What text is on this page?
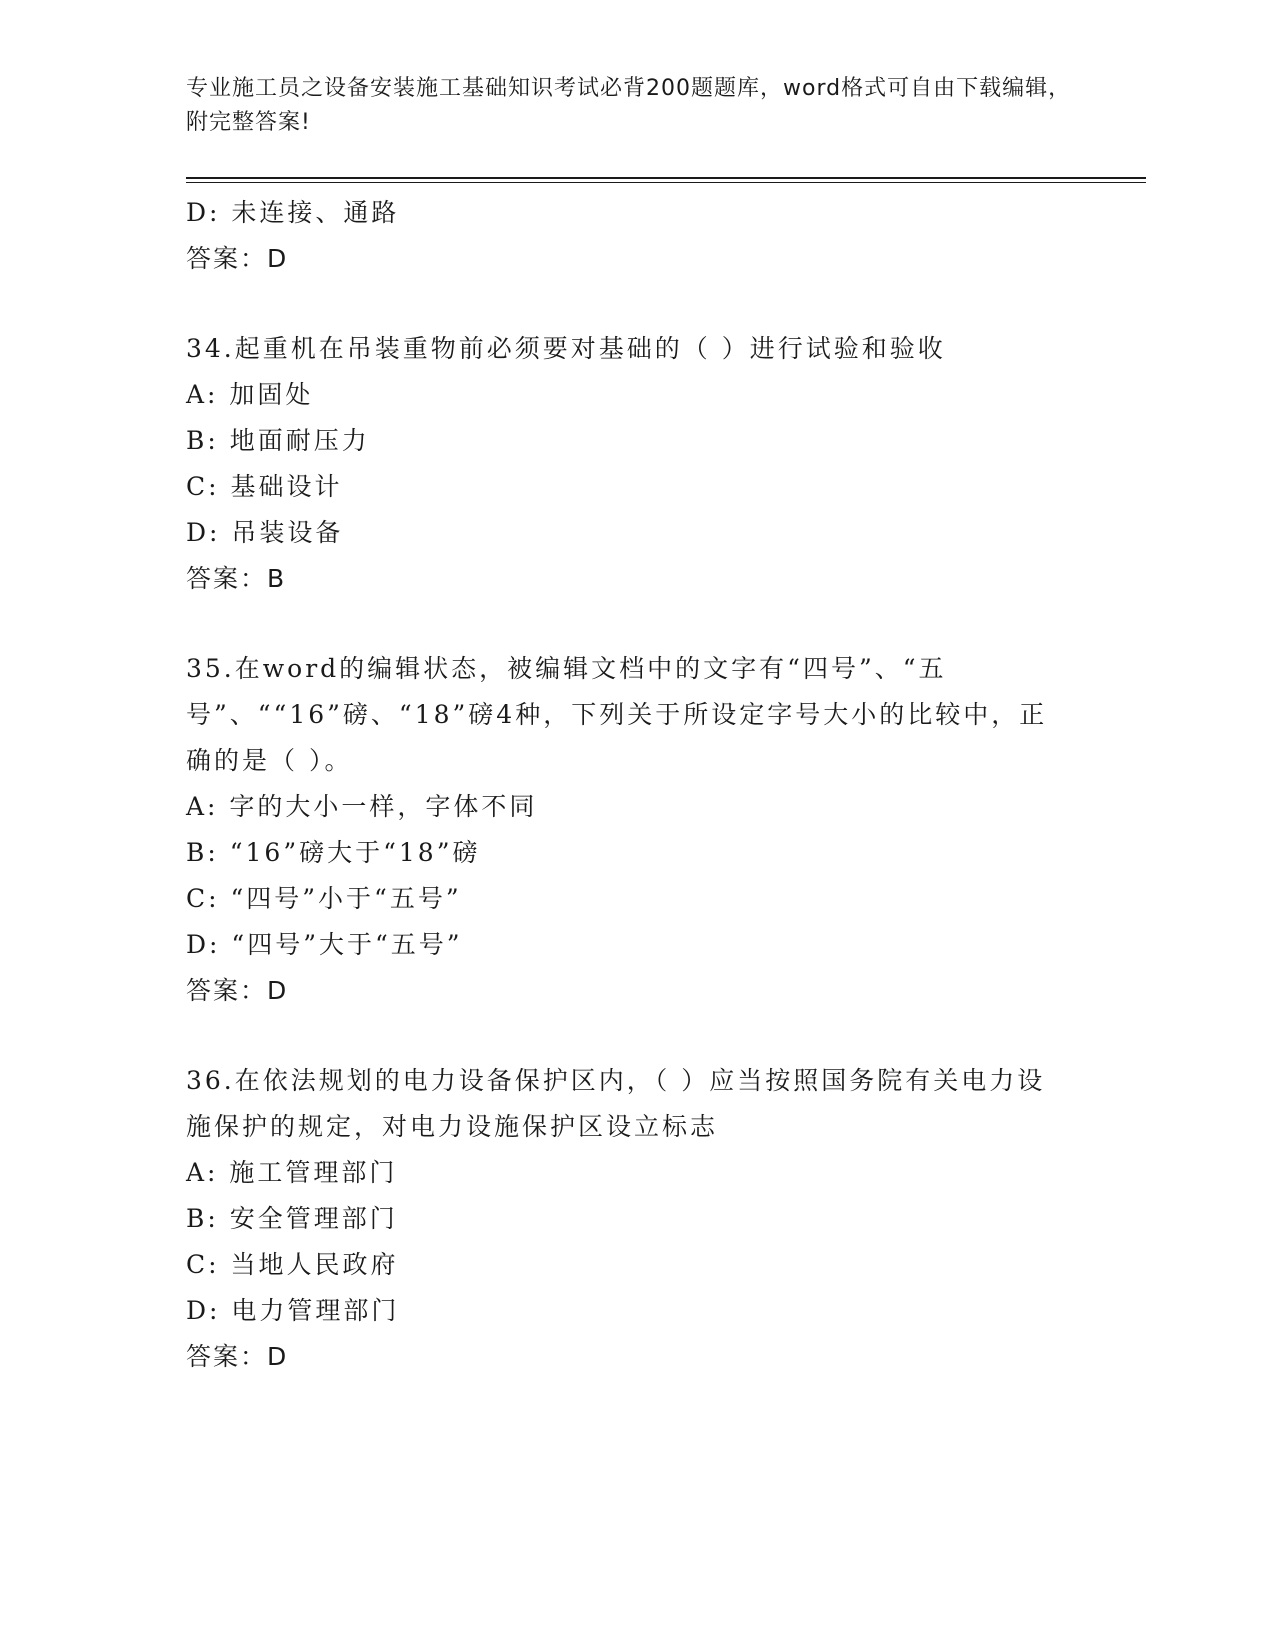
专业施工员之设备安装施工基础知识考试必背200题题库，word格式可自由下载编辑，附完整答案!
D: 未连接、通路
答案：D
34.起重机在吊装重物前必须要对基础的（ ）进行试验和验收
A: 加固处
B: 地面耐压力
C: 基础设计
D: 吊装设备
答案：B
35.在word的编辑状态，被编辑文档中的文字有“四号”、“五号”、““16”磅、“18”磅4种，下列关于所设定字号大小的比较中，正确的是（ ）。
A: 字的大小一样，字体不同
B: “16”磅大于“18”磅
C: “四号”小于“五号”
D: “四号”大于“五号”
答案：D
36.在依法规划的电力设备保护区内，（ ）应当按照国务院有关电力设施保护的规定，对电力设施保护区设立标志
A: 施工管理部门
B: 安全管理部门
C: 当地人民政府
D: 电力管理部门
答案：D
